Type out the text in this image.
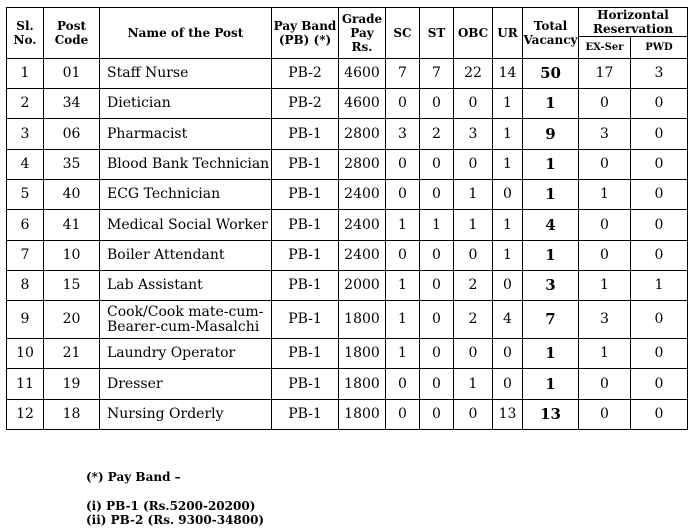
Sl. No.	Post Code	Name of the Post	Pay Band (PB) (*)	Grade Pay Rs.	SC	ST	OBC	UR	Total Vacancy	Horizontal Reservation	
										EX-Ser	PWD
1	01	Staff Nurse	PB-2	4600	7	7	22	14	50	17	3
2	34	Dietician	PB-2	4600	0	0	0	1	1	0	0
3	06	Pharmacist	PB-1	2800	3	2	3	1	9	3	0
4	35	Blood Bank Technician	PB-1	2800	0	0	0	1	1	0	0
5	40	ECG Technician	PB-1	2400	0	0	1	0	1	1	0
6	41	Medical Social Worker	PB-1	2400	1	1	1	1	4	0	0
7	10	Boiler Attendant	PB-1	2400	0	0	0	1	1	0	0
8	15	Lab Assistant	PB-1	2000	1	0	2	0	3	1	1
9	20	Cook/Cook mate-cum-Bearer-cum-Masalchi	PB-1	1800	1	0	2	4	7	3	0
10	21	Laundry Operator	PB-1	1800	1	0	0	0	1	1	0
11	19	Dresser	PB-1	1800	0	0	1	0	1	0	0
12	18	Nursing Orderly	PB-1	1800	0	0	0	13	13	0	0
(*) Pay Band –
(i) PB-1 (Rs.5200-20200)
(ii) PB-2 (Rs. 9300-34800)
